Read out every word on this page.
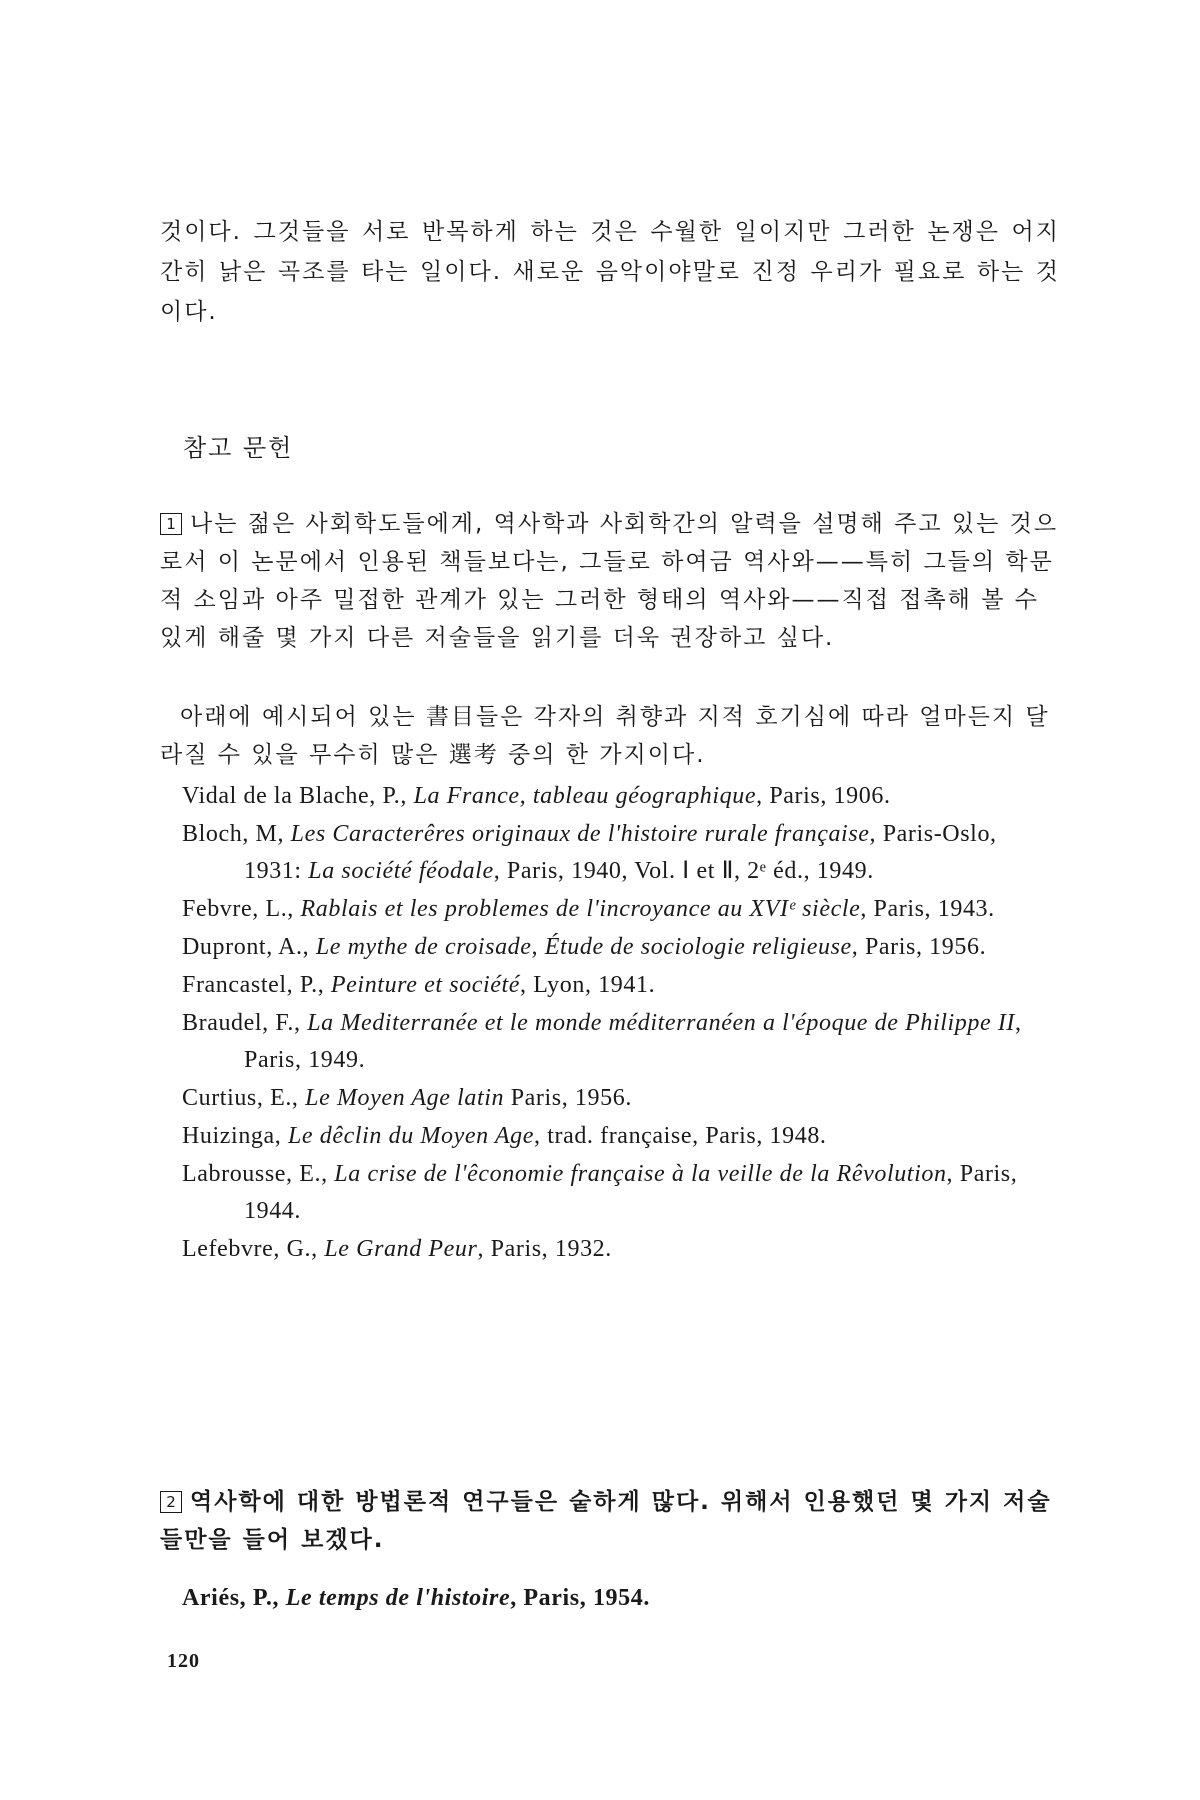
것이다. 그것들을 서로 반목하게 하는 것은 수월한 일이지만 그러한 논쟁은 어지간히 낡은 곡조를 타는 일이다. 새로운 음악이야말로 진정 우리가 필요로 하는 것이다.
참고 문헌
1 나는 젊은 사회학도들에게, 역사학과 사회학간의 알력을 설명해 주고 있는 것으로서 이 논문에서 인용된 책들보다는, 그들로 하여금 역사와——특히 그들의 학문적 소임과 아주 밀접한 관계가 있는 그러한 형태의 역사와——직접 접촉해 볼 수 있게 해줄 몇 가지 다른 저술들을 읽기를 더욱 권장하고 싶다.
아래에 예시되어 있는 書目들은 각자의 취향과 지적 호기심에 따라 얼마든지 달라질 수 있을 무수히 많은 選考 중의 한 가지이다.
Vidal de la Blache, P., La France, tableau géographique, Paris, 1906.
Bloch, M, Les Caracterêres originaux de l'histoire rurale française, Paris-Oslo, 1931: La société féodale, Paris, 1940, Vol. Ⅰ et Ⅱ, 2ᵉ éd., 1949.
Febvre, L., Rablais et les problemes de l'incroyance au XVIᵉ siècle, Paris, 1943.
Dupront, A., Le mythe de croisade, Étude de sociologie religieuse, Paris, 1956.
Francastel, P., Peinture et société, Lyon, 1941.
Braudel, F., La Mediterranée et le monde méditerranéen a l'époque de Philippe II, Paris, 1949.
Curtius, E., Le Moyen Age latin Paris, 1956.
Huizinga, Le dêclin du Moyen Age, trad. française, Paris, 1948.
Labrousse, E., La crise de l'êconomie française à la veille de la Rêvolution, Paris, 1944.
Lefebvre, G., Le Grand Peur, Paris, 1932.
2 역사학에 대한 방법론적 연구들은 숱하게 많다. 위해서 인용했던 몇 가지 저술들만을 들어 보겠다.
Ariés, P., Le temps de l'histoire, Paris, 1954.
120
